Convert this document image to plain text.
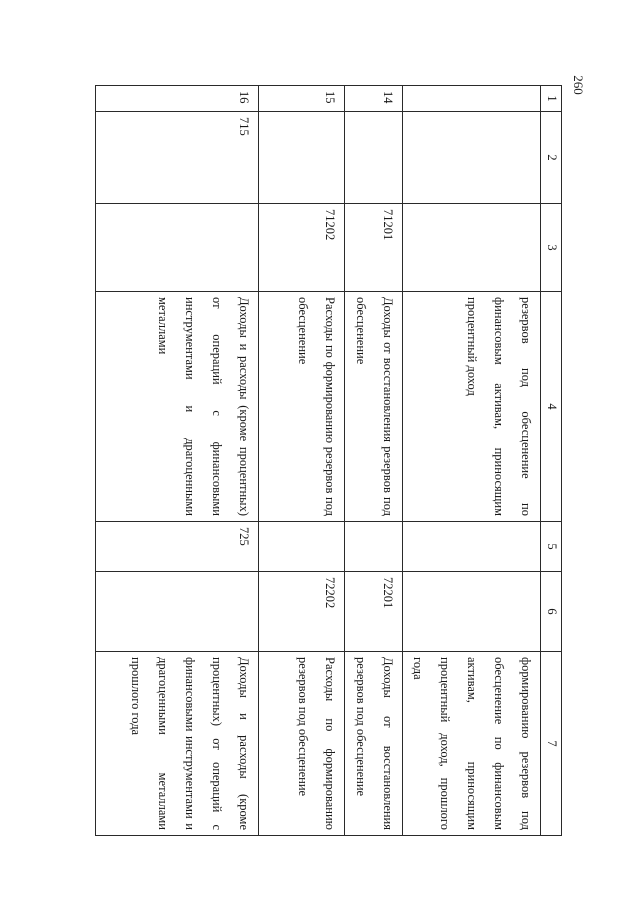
260
1	2	3	4	5	6	7
			резервов под обесценение по финансовым активам, приносящим процентный доход			формированию резервов под обесценение по финансовым активам, приносящим процентный доход, прошлого года
14		71201	Доходы от восстановления резервов под обесценение		72201	Доходы от восстановления резервов под обесценение
15		71202	Расходы по формированию резервов под обесценение		72202	Расходы по формированию резервов под обесценение
16	715		Доходы и расходы (кроме процентных) от операций с финансовыми инструментами и драгоценными металлами	725		Доходы и расходы (кроме процентных) от операций с финансовыми инструментами и драгоценными металлами прошлого года
